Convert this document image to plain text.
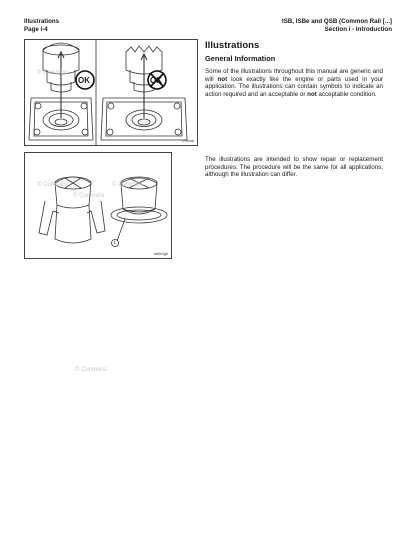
Illustrations
Page i-4
ISB, ISBe and QSB (Common Rail [...]
Section i - Introduction
OK	OK
© Cummins
r700ma
1
© Cummins
ra0m4gb
© Cummins	© Cummins
© Cummins
Illustrations
General Information

Some of the illustrations throughout this manual are generic and will not look exactly like the engine or parts used in your application. The illustrations can contain symbols to indicate an action required and an acceptable or not acceptable condition.

The illustrations are intended to show repair or replacement procedures. The procedure will be the same for all applications, although the illustration can differ.
